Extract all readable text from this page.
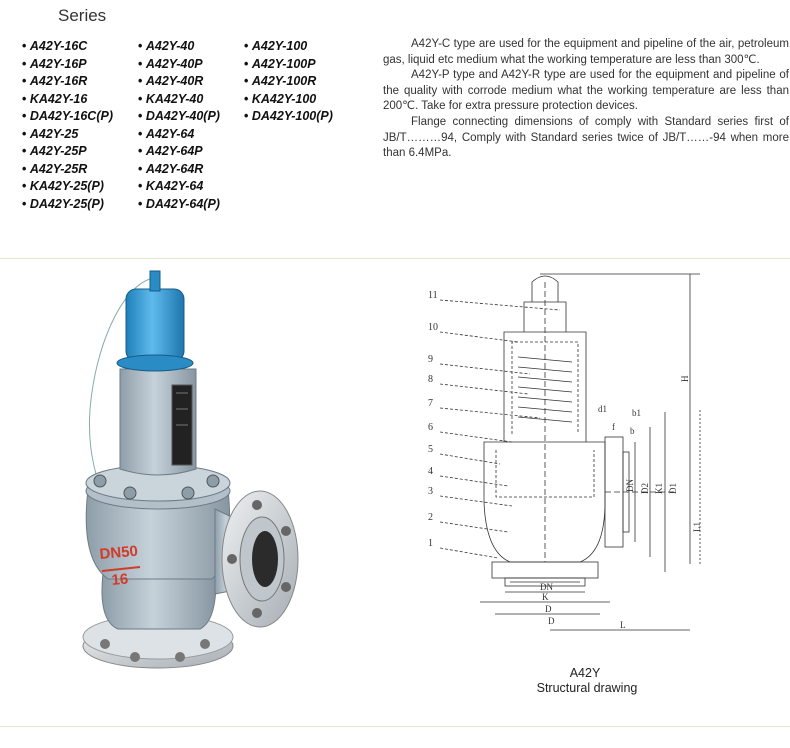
Series
• A42Y-16C
• A42Y-16P
• A42Y-16R
• KA42Y-16
• DA42Y-16C(P)
• A42Y-25
• A42Y-25P
• A42Y-25R
• KA42Y-25(P)
• DA42Y-25(P)
• A42Y-40
• A42Y-40P
• A42Y-40R
• KA42Y-40
• DA42Y-40(P)
• A42Y-64
• A42Y-64P
• A42Y-64R
• KA42Y-64
• DA42Y-64(P)
• A42Y-100
• A42Y-100P
• A42Y-100R
• KA42Y-100
• DA42Y-100(P)

A42Y-C type are used for the equipment and pipeline of the air, petroleum gas, liquid etc medium what the working temperature are less than 300℃.

A42Y-P type and A42Y-R type are used for the equipment and pipeline of the quality with corrode medium what the working temperature are less than 200℃. Take for extra pressure protection devices.

Flange connecting dimensions of comply with Standard series first of JB/T………94, Comply with Standard series twice of JB/T……-94 when more than 6.4MPa.

DN50
16
11
10
9
8
7
6
5
4
3
2
1
H
b1
d1
f b
DN D2 K1 D1
L1
DN
D
K
D	L
A42Y
Structural drawing
